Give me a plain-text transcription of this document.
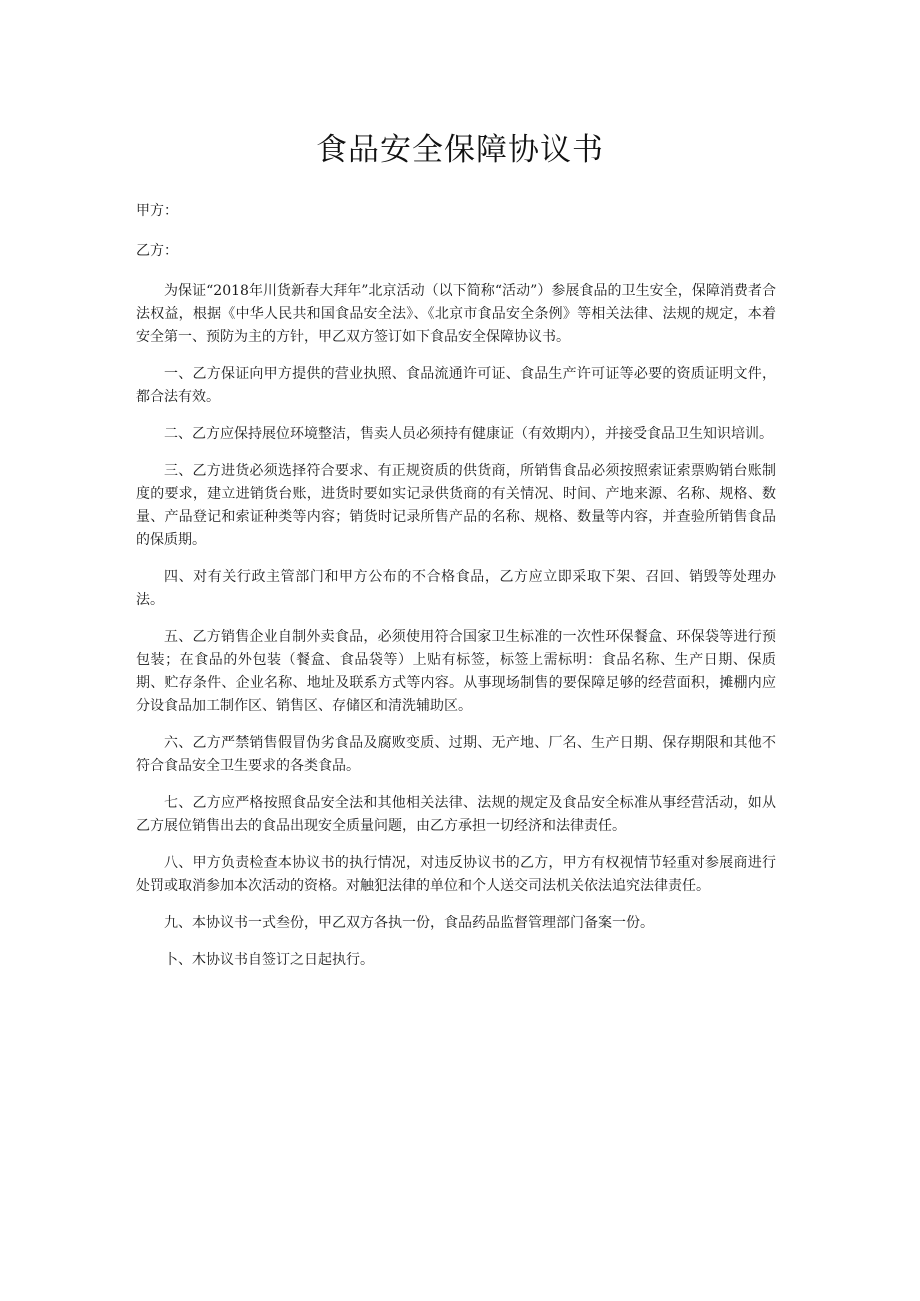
食品安全保障协议书

甲方：

乙方：

为保证“2018年川货新春大拜年”北京活动（以下简称“活动”）参展食品的卫生安全，保障消费者合法权益，根据《中华人民共和国食品安全法》、《北京市食品安全条例》等相关法律、法规的规定，本着安全第一、预防为主的方针，甲乙双方签订如下食品安全保障协议书。

一、乙方保证向甲方提供的营业执照、食品流通许可证、食品生产许可证等必要的资质证明文件，都合法有效。

二、乙方应保持展位环境整洁，售卖人员必须持有健康证（有效期内），并接受食品卫生知识培训。

三、乙方进货必须选择符合要求、有正规资质的供货商，所销售食品必须按照索证索票购销台账制度的要求，建立进销货台账，进货时要如实记录供货商的有关情况、时间、产地来源、名称、规格、数量、产品登记和索证种类等内容；销货时记录所售产品的名称、规格、数量等内容，并查验所销售食品的保质期。

四、对有关行政主管部门和甲方公布的不合格食品，乙方应立即采取下架、召回、销毁等处理办法。

五、乙方销售企业自制外卖食品，必须使用符合国家卫生标准的一次性环保餐盒、环保袋等进行预包装；在食品的外包装（餐盒、食品袋等）上贴有标签，标签上需标明：食品名称、生产日期、保质期、贮存条件、企业名称、地址及联系方式等内容。从事现场制售的要保障足够的经营面积，摊棚内应分设食品加工制作区、销售区、存储区和清洗辅助区。

六、乙方严禁销售假冒伪劣食品及腐败变质、过期、无产地、厂名、生产日期、保存期限和其他不符合食品安全卫生要求的各类食品。

七、乙方应严格按照食品安全法和其他相关法律、法规的规定及食品安全标准从事经营活动，如从乙方展位销售出去的食品出现安全质量问题，由乙方承担一切经济和法律责任。

八、甲方负责检查本协议书的执行情况，对违反协议书的乙方，甲方有权视情节轻重对参展商进行处罚或取消参加本次活动的资格。对触犯法律的单位和个人送交司法机关依法追究法律责任。

九、本协议书一式叁份，甲乙双方各执一份，食品药品监督管理部门备案一份。

卜、木协议书自签订之日起执行。
